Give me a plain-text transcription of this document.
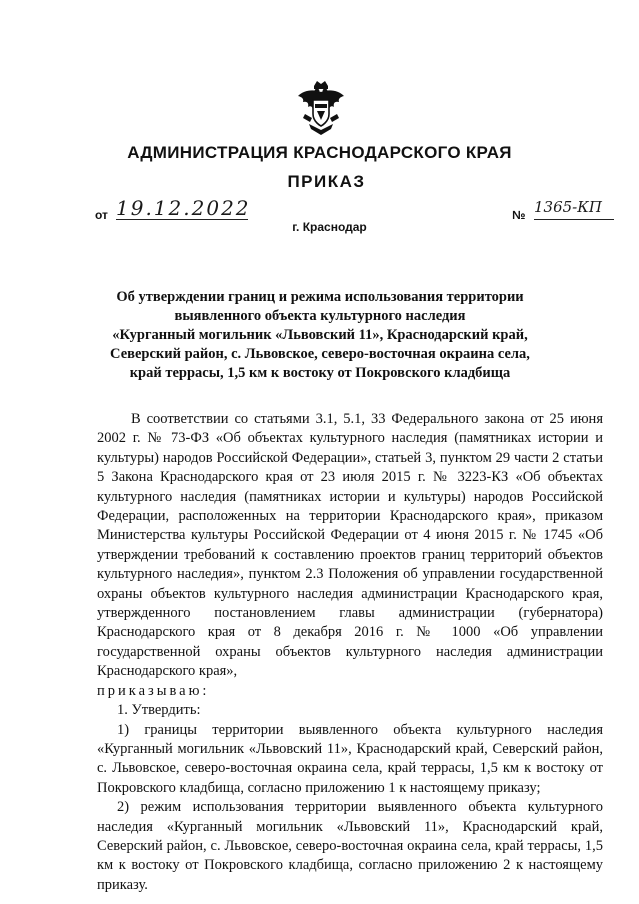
АДМИНИСТРАЦИЯ КРАСНОДАРСКОГО КРАЯ
ПРИКАЗ
от 19.12.2022	№ 1365-КП
г. Краснодар
Об утверждении границ и режима использования территории
выявленного объекта культурного наследия
«Курганный могильник «Львовский 11», Краснодарский край,
Северский район, с. Львовское, северо-восточная окраина села,
край террасы, 1,5 км к востоку от Покровского кладбища

В соответствии со статьями 3.1, 5.1, 33 Федерального закона от 25 июня 2002 г. № 73-ФЗ «Об объектах культурного наследия (памятниках истории и культуры) народов Российской Федерации», статьей 3, пунктом 29 части 2 статьи 5 Закона Краснодарского края от 23 июля 2015 г. № 3223-КЗ «Об объектах культурного наследия (памятниках истории и культуры) народов Российской Федерации, расположенных на территории Краснодарского края», приказом Министерства культуры Российской Федерации от 4 июня 2015 г. № 1745 «Об утверждении требований к составлению проектов границ территорий объектов культурного наследия», пунктом 2.3 Положения об управлении государственной охраны объектов культурного наследия администрации Краснодарского края, утвержденного постановлением главы администрации (губернатора) Краснодарского края от 8 декабря 2016 г. № 1000 «Об управлении государственной охраны объектов культурного наследия администрации Краснодарского края»,

приказываю:

1. Утвердить:

1) границы территории выявленного объекта культурного наследия «Курганный могильник «Львовский 11», Краснодарский край, Северский район, с. Львовское, северо-восточная окраина села, край террасы, 1,5 км к востоку от Покровского кладбища, согласно приложению 1 к настоящему приказу;

2) режим использования территории выявленного объекта культурного наследия «Курганный могильник «Львовский 11», Краснодарский край, Северский район, с. Львовское, северо-восточная окраина села, край террасы, 1,5 км к востоку от Покровского кладбища, согласно приложению 2 к настоящему приказу.
